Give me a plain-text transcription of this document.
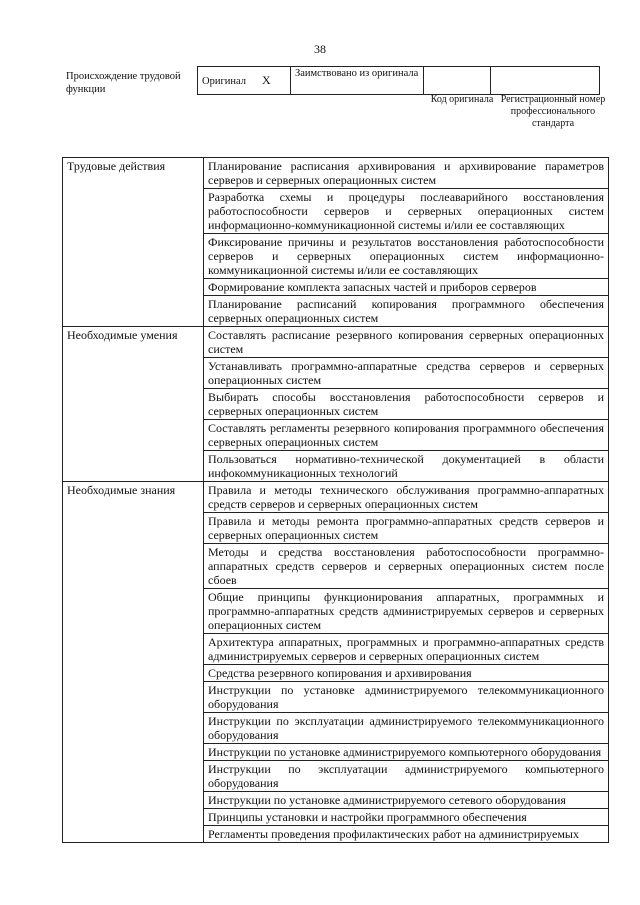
38
Происхождение трудовой функции
Оригинал X	Заимствовано из оригинала		
Код оригинала Регистрационный номер профессионального стандарта
Трудовые действия	Планирование расписания архивирования и архивирование параметров серверов и серверных операционных систем
	Разработка схемы и процедуры послеаварийного восстановления работоспособности серверов и серверных операционных систем информационно-коммуникационной системы и/или ее составляющих
	Фиксирование причины и результатов восстановления работоспособности серверов и серверных операционных систем информационно-коммуникационной системы и/или ее составляющих
	Формирование комплекта запасных частей и приборов серверов
	Планирование расписаний копирования программного обеспечения серверных операционных систем
Необходимые умения	Составлять расписание резервного копирования серверных операционных систем
	Устанавливать программно-аппаратные средства серверов и серверных операционных систем
	Выбирать способы восстановления работоспособности серверов и серверных операционных систем
	Составлять регламенты резервного копирования программного обеспечения серверных операционных систем
	Пользоваться нормативно-технической документацией в области инфокоммуникационных технологий
Необходимые знания	Правила и методы технического обслуживания программно-аппаратных средств серверов и серверных операционных систем
	Правила и методы ремонта программно-аппаратных средств серверов и серверных операционных систем
	Методы и средства восстановления работоспособности программно-аппаратных средств серверов и серверных операционных систем после сбоев
	Общие принципы функционирования аппаратных, программных и программно-аппаратных средств администрируемых серверов и серверных операционных систем
	Архитектура аппаратных, программных и программно-аппаратных средств администрируемых серверов и серверных операционных систем
	Средства резервного копирования и архивирования
	Инструкции по установке администрируемого телекоммуникационного оборудования
	Инструкции по эксплуатации администрируемого телекоммуникационного оборудования
	Инструкции по установке администрируемого компьютерного оборудования
	Инструкции по эксплуатации администрируемого компьютерного оборудования
	Инструкции по установке администрируемого сетевого оборудования
	Принципы установки и настройки программного обеспечения
	Регламенты проведения профилактических работ на администрируемых
